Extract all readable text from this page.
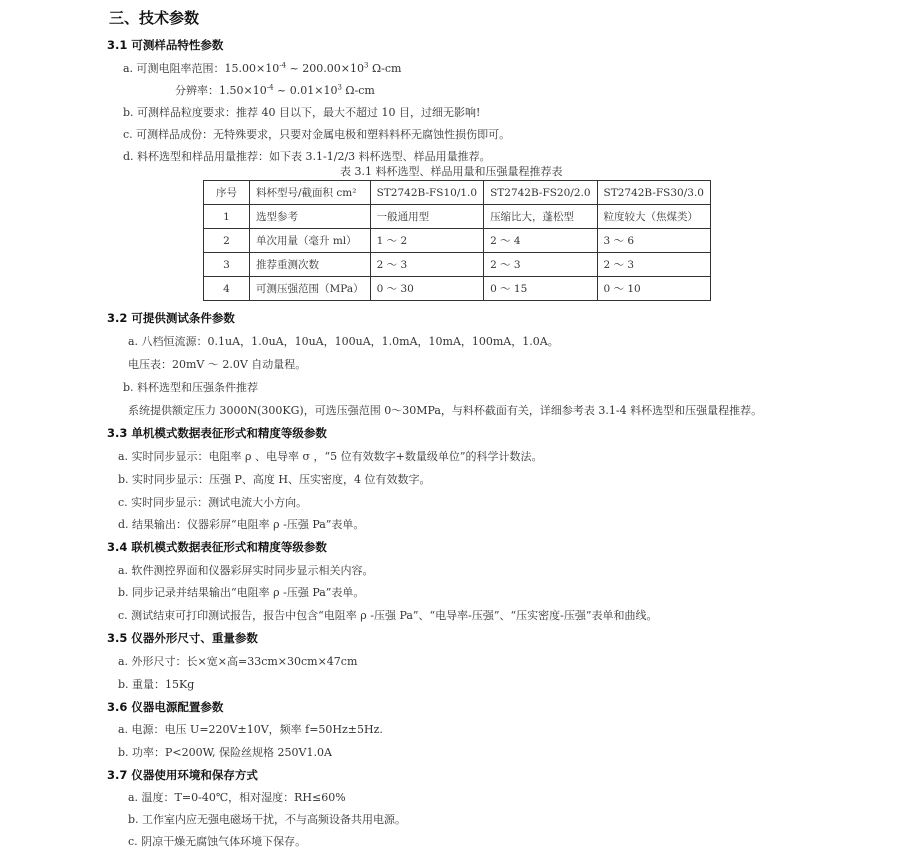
三、技术参数
3.1 可测样品特性参数
a. 可测电阻率范围：$15.00\times 10^{-4}$ ~ $200.00\times 10^3$ Ω-cm
分辨率：$1.50\times 10^{-4}$ ~ $0.01\times 10^3$ Ω-cm
b. 可测样品粒度要求：推荐 40 目以下，最大不超过 10 目，过细无影响!
c. 可测样品成份：无特殊要求，只要对金属电极和塑料料杯无腐蚀性损伤即可。
d. 料杯选型和样品用量推荐：如下表 3.1-1/2/3 料杯选型、样品用量推荐。
表 3.1 料杯选型、样品用量和压强量程推荐表
序号	料杯型号/截面积 cm²	ST2742B-FS10/1.0	ST2742B-FS20/2.0	ST2742B-FS30/3.0
1	选型参考	一般通用型	压缩比大，蓬松型	粒度较大（焦煤类）
2	单次用量（毫升 ml）	1 ～ 2	2 ～ 4	3 ～ 6
3	推荐重测次数	2 ～ 3	2 ～ 3	2 ～ 3
4	可测压强范围（MPa）	0 ～ 30	0 ～ 15	0 ～ 10
3.2 可提供测试条件参数
a. 八档恒流源：0.1uA，1.0uA，10uA，100uA，1.0mA，10mA，100mA，1.0A。
电压表：20mV ～ 2.0V 自动量程。
b. 料杯选型和压强条件推荐
系统提供额定压力 3000N(300KG)，可选压强范围 0～30MPa，与料杯截面有关，详细参考表 3.1-4 料杯选型和压强量程推荐。
3.3 单机模式数据表征形式和精度等级参数
a. 实时同步显示：电阻率 ρ 、电导率 σ ，“5 位有效数字+数量级单位”的科学计数法。
b. 实时同步显示：压强 P、高度 H、压实密度，4 位有效数字。
c. 实时同步显示：测试电流大小方向。
d. 结果输出：仪器彩屏“电阻率 ρ -压强 Pa”表单。
3.4 联机模式数据表征形式和精度等级参数
a. 软件测控界面和仪器彩屏实时同步显示相关内容。
b. 同步记录并结果输出“电阻率 ρ -压强 Pa”表单。
c. 测试结束可打印测试报告，报告中包含“电阻率 ρ -压强 Pa”、“电导率-压强”、“压实密度-压强”表单和曲线。
3.5 仪器外形尺寸、重量参数
a. 外形尺寸：长×宽×高=33cm×30cm×47cm
b. 重量：15Kg
3.6 仪器电源配置参数
a. 电源：电压 U=220V±10V，频率 f=50Hz±5Hz.
b. 功率：P<200W, 保险丝规格 250V1.0A
3.7 仪器使用环境和保存方式
a. 温度：T=0-40℃，相对湿度：RH≤60%
b. 工作室内应无强电磁场干扰，不与高频设备共用电源。
c. 阴凉干燥无腐蚀气体环境下保存。
